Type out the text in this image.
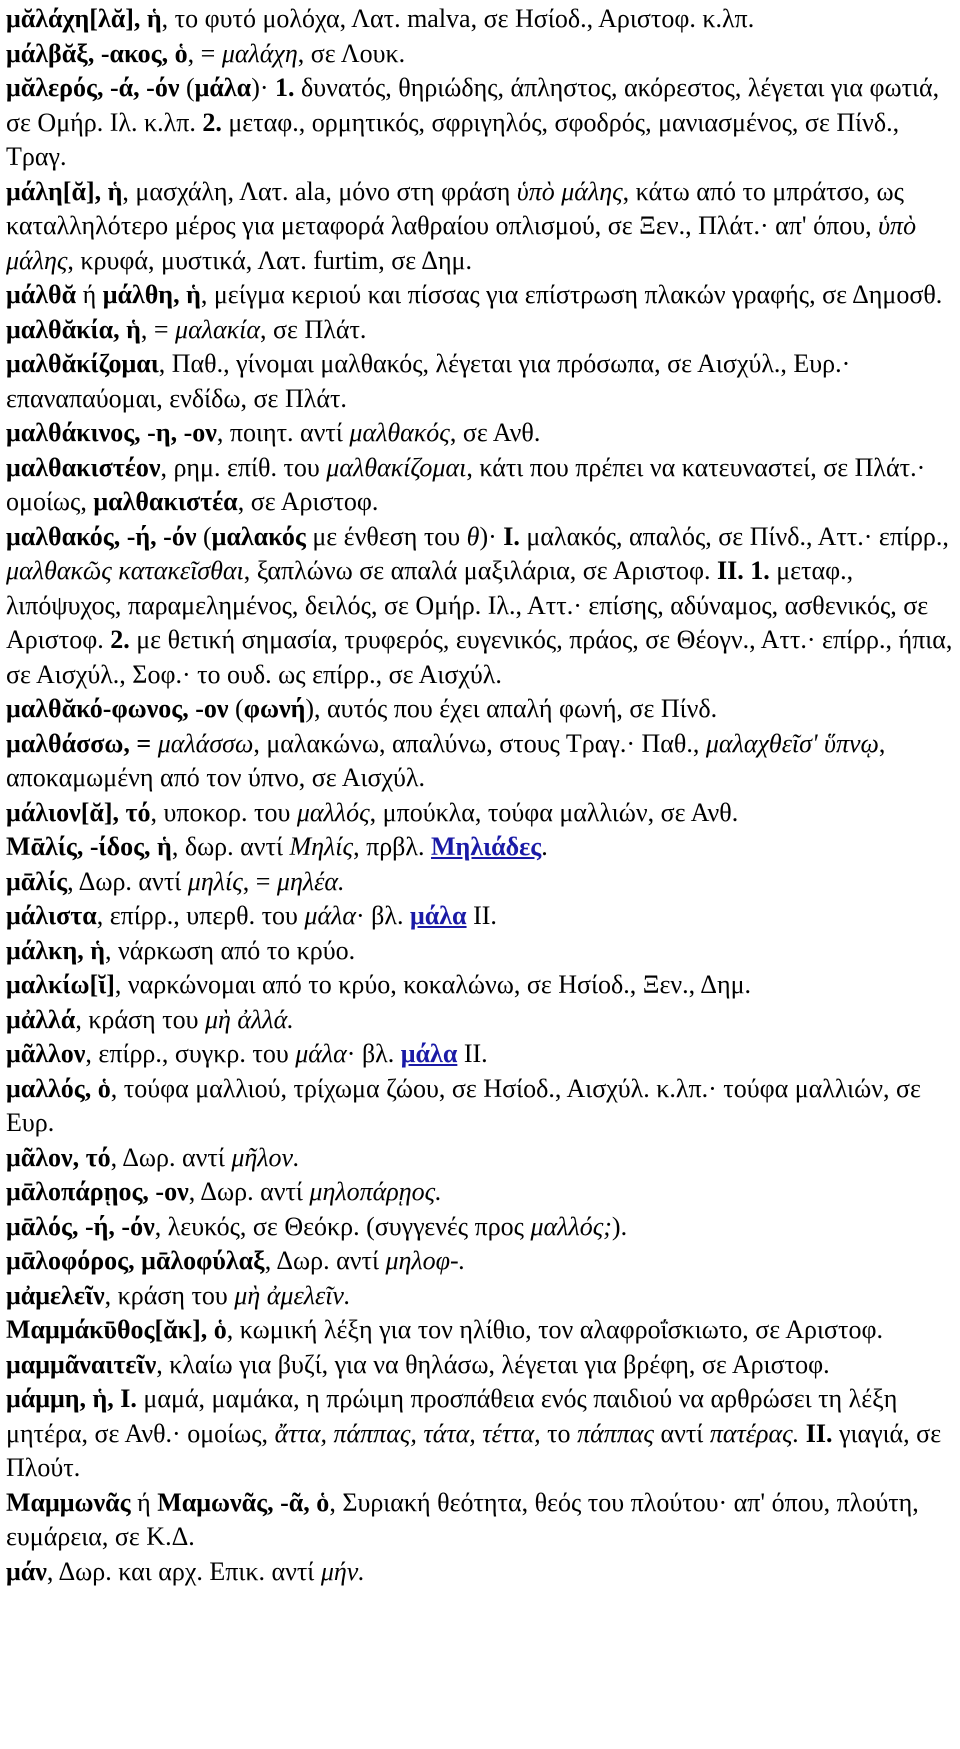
μᾰλάχη[λᾰ], ἡ, το φυτό μολόχα, Λατ. malva, σε Ησίοδ., Αριστοφ. κ.λπ.

μάλβᾰξ, -ακος, ὁ, = μαλάχη, σε Λουκ.

μᾰλερός, -ά, -όν (μάλα)· 1. δυνατός, θηριώδης, άπληστος, ακόρεστος, λέγεται για φωτιά, σε Ομήρ. Ιλ. κ.λπ. 2. μεταφ., ορμητικός, σφριγηλός, σφοδρός, μανιασμένος, σε Πίνδ., Τραγ.

μάλη[ᾰ], ἡ, μασχάλη, Λατ. ala, μόνο στη φράση ὑπὸ μάλης, κάτω από το μπράτσο, ως καταλληλότερο μέρος για μεταφορά λαθραίου οπλισμού, σε Ξεν., Πλάτ.· απ' όπου, ὑπὸ μάλης, κρυφά, μυστικά, Λατ. furtim, σε Δημ.

μάλθᾰ ή μάλθη, ἡ, μείγμα κεριού και πίσσας για επίστρωση πλακών γραφής, σε Δημοσθ.

μαλθᾰκία, ἡ, = μαλακία, σε Πλάτ.

μαλθᾰκίζομαι, Παθ., γίνομαι μαλθακός, λέγεται για πρόσωπα, σε Αισχύλ., Ευρ.· επαναπαύομαι, ενδίδω, σε Πλάτ.

μαλθάκινος, -η, -ον, ποιητ. αντί μαλθακός, σε Ανθ.

μαλθακιστέον, ρημ. επίθ. του μαλθακίζομαι, κάτι που πρέπει να κατευναστεί, σε Πλάτ.· ομοίως, μαλθακιστέα, σε Αριστοφ.

μαλθακός, -ή, -όν (μαλακός με ένθεση του θ)· I. μαλακός, απαλός, σε Πίνδ., Αττ.· επίρρ., μαλθακῶς κατακεῖσθαι, ξαπλώνω σε απαλά μαξιλάρια, σε Αριστοφ. II. 1. μεταφ., λιπόψυχος, παραμελημένος, δειλός, σε Ομήρ. Ιλ., Αττ.· επίσης, αδύναμος, ασθενικός, σε Αριστοφ. 2. με θετική σημασία, τρυφερός, ευγενικός, πράος, σε Θέογν., Αττ.· επίρρ., ήπια, σε Αισχύλ., Σοφ.· το ουδ. ως επίρρ., σε Αισχύλ.

μαλθᾰκό-φωνος, -ον (φωνή), αυτός που έχει απαλή φωνή, σε Πίνδ.

μαλθάσσω, = μαλάσσω, μαλακώνω, απαλύνω, στους Τραγ.· Παθ., μαλαχθεῖσ' ὕπνῳ, αποκαμωμένη από τον ύπνο, σε Αισχύλ.

μάλιον[ᾰ], τό, υποκορ. του μαλλός, μπούκλα, τούφα μαλλιών, σε Ανθ.

Μᾱλίς, -ίδος, ἡ, δωρ. αντί Μηλίς, πρβλ. Μηλιάδες.

μᾱλίς, Δωρ. αντί μηλίς, = μηλέα.

μάλιστα, επίρρ., υπερθ. του μάλα· βλ. μάλα II.

μάλκη, ἡ, νάρκωση από το κρύο.

μαλκίω[ῐ], ναρκώνομαι από το κρύο, κοκαλώνω, σε Ησίοδ., Ξεν., Δημ.

μἀλλά, κράση του μὴ ἀλλά.

μᾶλλον, επίρρ., συγκρ. του μάλα· βλ. μάλα II.

μαλλός, ὁ, τούφα μαλλιού, τρίχωμα ζώου, σε Ησίοδ., Αισχύλ. κ.λπ.· τούφα μαλλιών, σε Ευρ.

μᾶλον, τό, Δωρ. αντί μῆλον.

μᾱλοπάρῃος, -ον, Δωρ. αντί μηλοπάρῃος.

μᾱλός, -ή, -όν, λευκός, σε Θεόκρ. (συγγενές προς μαλλός;).

μᾱλοφόρος, μᾱλοφύλαξ, Δωρ. αντί μηλοφ-.

μἀμελεῖν, κράση του μὴ ἀμελεῖν.

Μαμμάκῡθος[ᾰκ], ὁ, κωμική λέξη για τον ηλίθιο, τον αλαφροΐσκιωτο, σε Αριστοφ.

μαμμᾶναιτεῖν, κλαίω για βυζί, για να θηλάσω, λέγεται για βρέφη, σε Αριστοφ.

μάμμη, ἡ, I. μαμά, μαμάκα, η πρώιμη προσπάθεια ενός παιδιού να αρθρώσει τη λέξη μητέρα, σε Ανθ.· ομοίως, ἄττα, πάππας, τάτα, τέττα, το πάππας αντί πατέρας. II. γιαγιά, σε Πλούτ.

Μαμμωνᾶς ή Μαμωνᾶς, -ᾶ, ὁ, Συριακή θεότητα, θεός του πλούτου· απ' όπου, πλούτη, ευμάρεια, σε Κ.Δ.

μάν, Δωρ. και αρχ. Επικ. αντί μήν.
